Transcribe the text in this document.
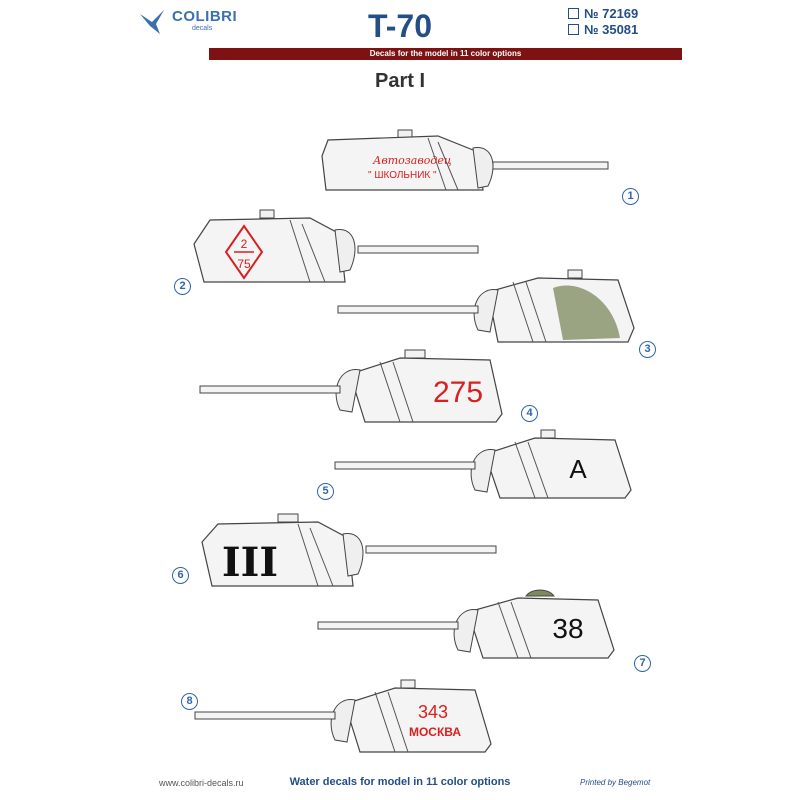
COLIBRI
decals	T-70	№ 72169
№ 35081
Decals for the model in 11 color options
Part I
Автозаводец
" ШКОЛЬНИК "
1
2
75
2
3
275
4
A
5
III
6
38
7
343
МОСКВА
8
www.colibri-decals.ru	Water decals for model in 11 color options	Printed by Begemot
